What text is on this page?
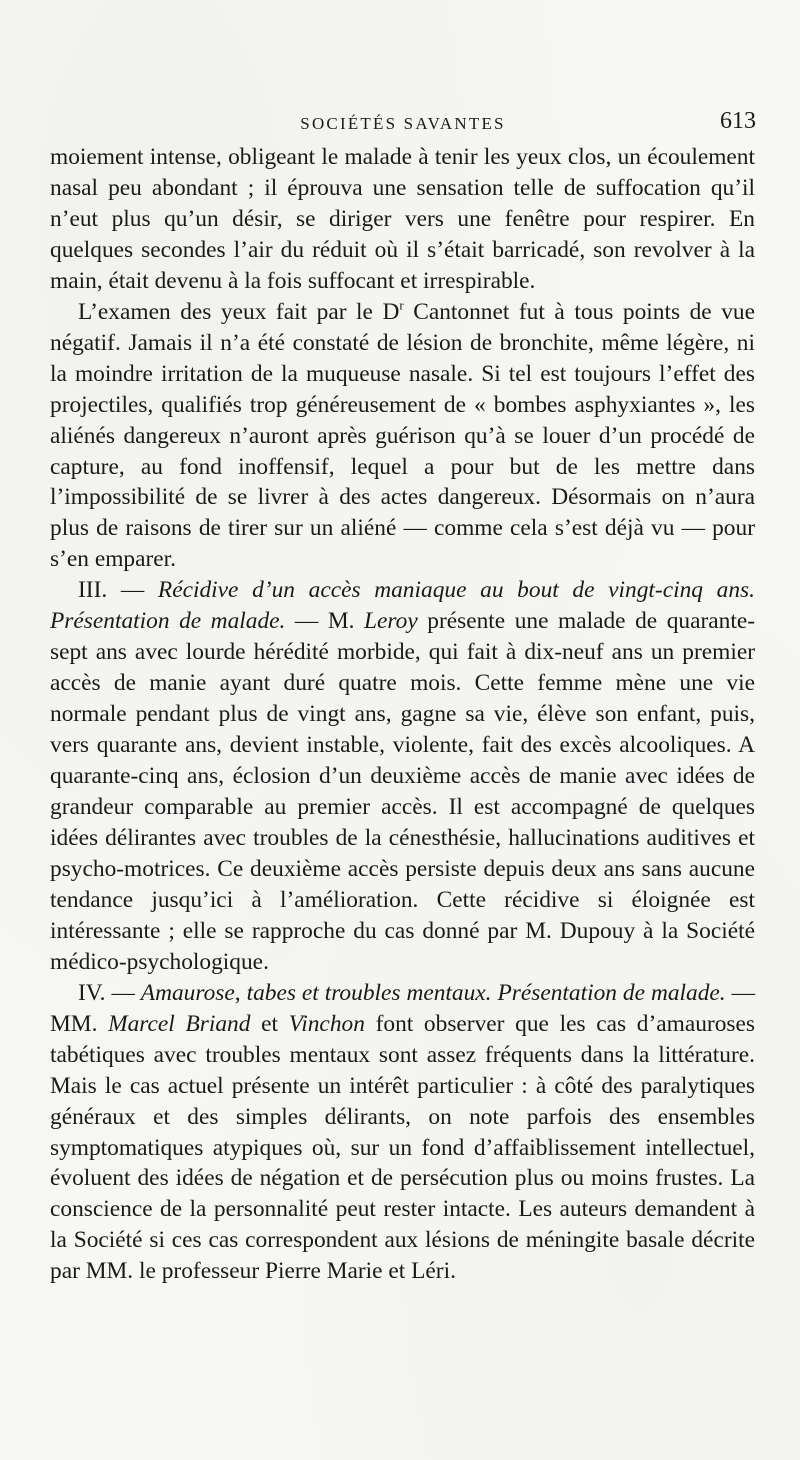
SOCIÉTÉS SAVANTES	613

moiement intense, obligeant le malade à tenir les yeux clos, un écoulement nasal peu abondant ; il éprouva une sensation telle de suffocation qu’il n’eut plus qu’un désir, se diriger vers une fenêtre pour respirer. En quelques secondes l’air du réduit où il s’était barricadé, son revolver à la main, était devenu à la fois suffocant et irrespirable.

L’examen des yeux fait par le $D^r$ Cantonnet fut à tous points de vue négatif. Jamais il n’a été constaté de lésion de bronchite, même légère, ni la moindre irritation de la muqueuse nasale. Si tel est toujours l’effet des projectiles, qualifiés trop généreusement de « bombes asphyxiantes », les aliénés dangereux n’auront après guérison qu’à se louer d’un procédé de capture, au fond inoffensif, lequel a pour but de les mettre dans l’impossibilité de se livrer à des actes dangereux. Désormais on n’aura plus de raisons de tirer sur un aliéné — comme cela s’est déjà vu — pour s’en emparer.

III. — Récidive d’un accès maniaque au bout de vingt-cinq ans. Présentation de malade. — M. Leroy présente une malade de quarante-sept ans avec lourde hérédité morbide, qui fait à dix-neuf ans un premier accès de manie ayant duré quatre mois. Cette femme mène une vie normale pendant plus de vingt ans, gagne sa vie, élève son enfant, puis, vers quarante ans, devient instable, violente, fait des excès alcooliques. A quarante-cinq ans, éclosion d’un deuxième accès de manie avec idées de grandeur comparable au premier accès. Il est accompagné de quelques idées délirantes avec troubles de la cénesthésie, hallucinations auditives et psycho-motrices. Ce deuxième accès persiste depuis deux ans sans aucune tendance jusqu’ici à l’amélioration. Cette récidive si éloignée est intéressante ; elle se rapproche du cas donné par M. Dupouy à la Société médico-psychologique.

IV. — Amaurose, tabes et troubles mentaux. Présentation de malade. — MM. Marcel Briand et Vinchon font observer que les cas d’amauroses tabétiques avec troubles mentaux sont assez fréquents dans la littérature. Mais le cas actuel présente un intérêt particulier : à côté des paralytiques généraux et des simples délirants, on note parfois des ensembles symptomatiques atypiques où, sur un fond d’affaiblissement intellectuel, évoluent des idées de négation et de persécution plus ou moins frustes. La conscience de la personnalité peut rester intacte. Les auteurs demandent à la Société si ces cas correspondent aux lésions de méningite basale décrite par MM. le professeur Pierre Marie et Léri.
